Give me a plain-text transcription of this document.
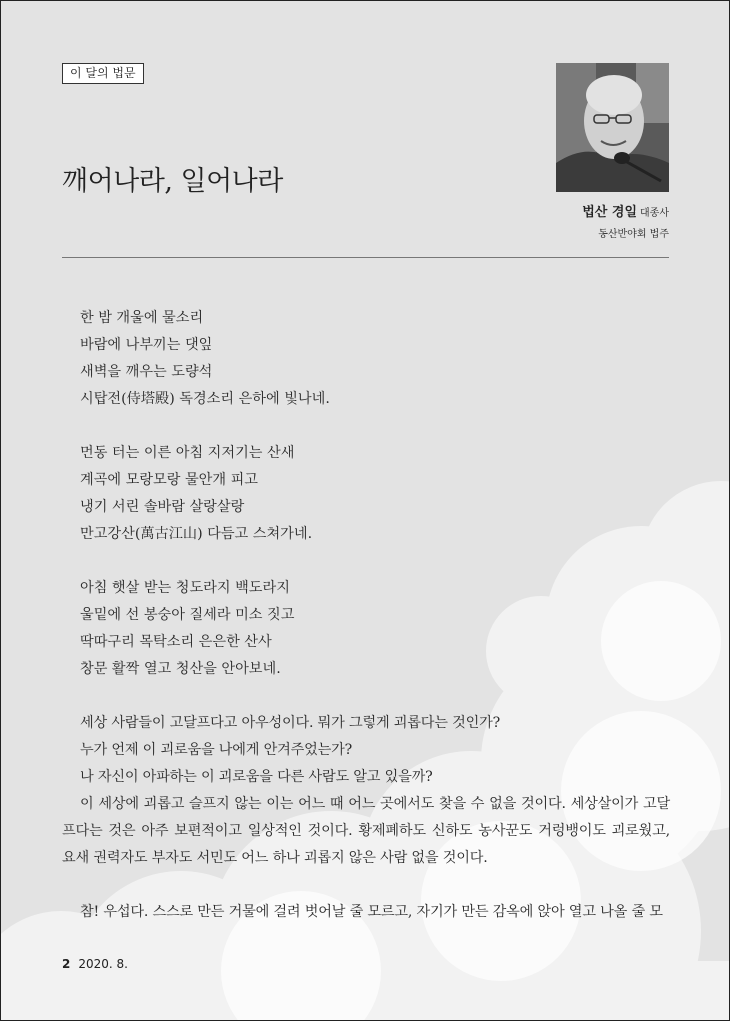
이 달의 법문
깨어나라, 일어나라
법산 경일 대종사
동산반야회 법주
한 밤 개울에 물소리
바람에 나부끼는 댓잎
새벽을 깨우는 도량석
시탑전(侍塔殿) 독경소리 은하에 빛나네.
먼동 터는 이른 아침 지저기는 산새
계곡에 모랑모랑 물안개 피고
냉기 서린 솔바람 살랑살랑
만고강산(萬古江山) 다듬고 스쳐가네.
아침 햇살 받는 청도라지 백도라지
울밑에 선 봉숭아 질세라 미소 짓고
딱따구리 목탁소리 은은한 산사
창문 활짝 열고 청산을 안아보네.
세상 사람들이 고달프다고 아우성이다. 뭐가 그렇게 괴롭다는 것인가?
누가 언제 이 괴로움을 나에게 안겨주었는가?
나 자신이 아파하는 이 괴로움을 다른 사람도 알고 있을까?

이 세상에 괴롭고 슬프지 않는 이는 어느 때 어느 곳에서도 찾을 수 없을 것이다. 세상살이가 고달프다는 것은 아주 보편적이고 일상적인 것이다. 황제폐하도 신하도 농사꾼도 거렁뱅이도 괴로웠고, 요새 권력자도 부자도 서민도 어느 하나 괴롭지 않은 사람 없을 것이다.

참! 우섭다. 스스로 만든 거물에 걸려 벗어날 줄 모르고, 자기가 만든 감옥에 앉아 열고 나올 줄 모

2 2020. 8.
